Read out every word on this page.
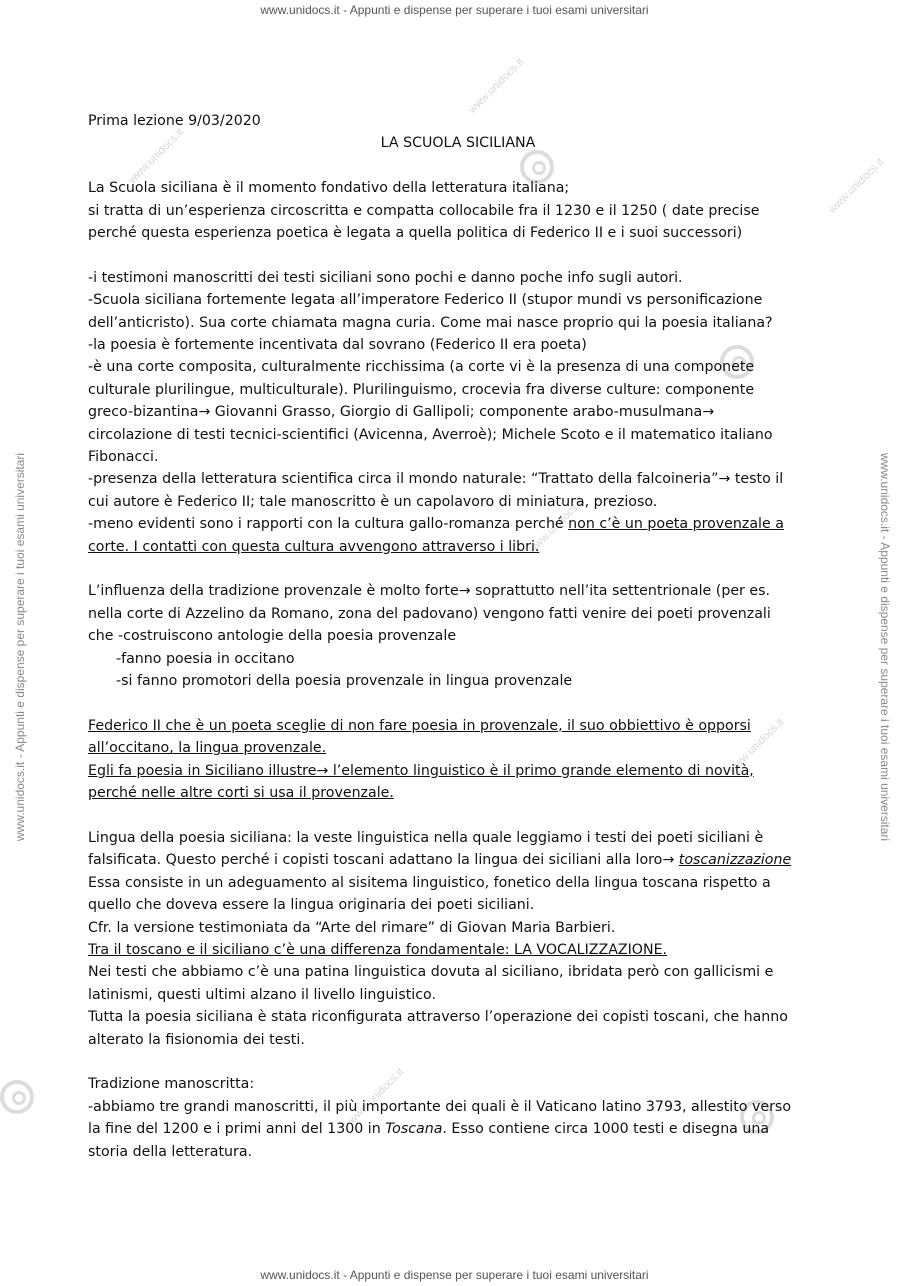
www.unidocs.it - Appunti e dispense per superare i tuoi esami universitari
www.unidocs.it - Appunti e dispense per superare i tuoi esami universitari
www.unidocs.it - Appunti e dispense per superare i tuoi esami universitari	www.unidocs.it - Appunti e dispense per superare i tuoi esami universitari
www.unidocs.it
www.unidocs.it
www.unidocs.it
www.unidocs.it
www.unidocs.it
www.unidocs.it

Prima lezione 9/03/2020

LA SCUOLA SICILIANA

La Scuola siciliana è il momento fondativo della letteratura italiana;

si tratta di un’esperienza circoscritta e compatta collocabile fra il 1230 e il 1250 ( date precise

perché questa esperienza poetica è legata a quella politica di Federico II e i suoi successori)

-i testimoni manoscritti dei testi siciliani sono pochi e danno poche info sugli autori.

-Scuola siciliana fortemente legata all’imperatore Federico II (stupor mundi vs personificazione

dell’anticristo). Sua corte chiamata magna curia. Come mai nasce proprio qui la poesia italiana?

-la poesia è fortemente incentivata dal sovrano (Federico II era poeta)

-è una corte composita, culturalmente ricchissima (a corte vi è la presenza di una componete

culturale plurilingue, multiculturale). Plurilinguismo, crocevia fra diverse culture: componente

greco-bizantina→ Giovanni Grasso, Giorgio di Gallipoli; componente arabo-musulmana→

circolazione di testi tecnici-scientifici (Avicenna, Averroè); Michele Scoto e il matematico italiano

Fibonacci.

-presenza della letteratura scientifica circa il mondo naturale: “Trattato della falcoineria”→ testo il

cui autore è Federico II; tale manoscritto è un capolavoro di miniatura, prezioso.

-meno evidenti sono i rapporti con la cultura gallo-romanza perché non c’è un poeta provenzale a

corte. I contatti con questa cultura avvengono attraverso i libri.

L’influenza della tradizione provenzale è molto forte→ soprattutto nell’ita settentrionale (per es.

nella corte di Azzelino da Romano, zona del padovano) vengono fatti venire dei poeti provenzali

che -costruiscono antologie della poesia provenzale

-fanno poesia in occitano

-si fanno promotori della poesia provenzale in lingua provenzale

Federico II che è un poeta sceglie di non fare poesia in provenzale, il suo obbiettivo è opporsi

all’occitano, la lingua provenzale.

Egli fa poesia in Siciliano illustre→ l’elemento linguistico è il primo grande elemento di novità,

perché nelle altre corti si usa il provenzale.

Lingua della poesia siciliana: la veste linguistica nella quale leggiamo i testi dei poeti siciliani è

falsificata. Questo perché i copisti toscani adattano la lingua dei siciliani alla loro→ toscanizzazione

Essa consiste in un adeguamento al sisitema linguistico, fonetico della lingua toscana rispetto a

quello che doveva essere la lingua originaria dei poeti siciliani.

Cfr. la versione testimoniata da “Arte del rimare” di Giovan Maria Barbieri.

Tra il toscano e il siciliano c’è una differenza fondamentale: LA VOCALIZZAZIONE.

Nei testi che abbiamo c’è una patina linguistica dovuta al siciliano, ibridata però con gallicismi e

latinismi, questi ultimi alzano il livello linguistico.

Tutta la poesia siciliana è stata riconfigurata attraverso l’operazione dei copisti toscani, che hanno

alterato la fisionomia dei testi.

Tradizione manoscritta:

-abbiamo tre grandi manoscritti, il più importante dei quali è il Vaticano latino 3793, allestito verso

la fine del 1200 e i primi anni del 1300 in Toscana. Esso contiene circa 1000 testi e disegna una

storia della letteratura.
